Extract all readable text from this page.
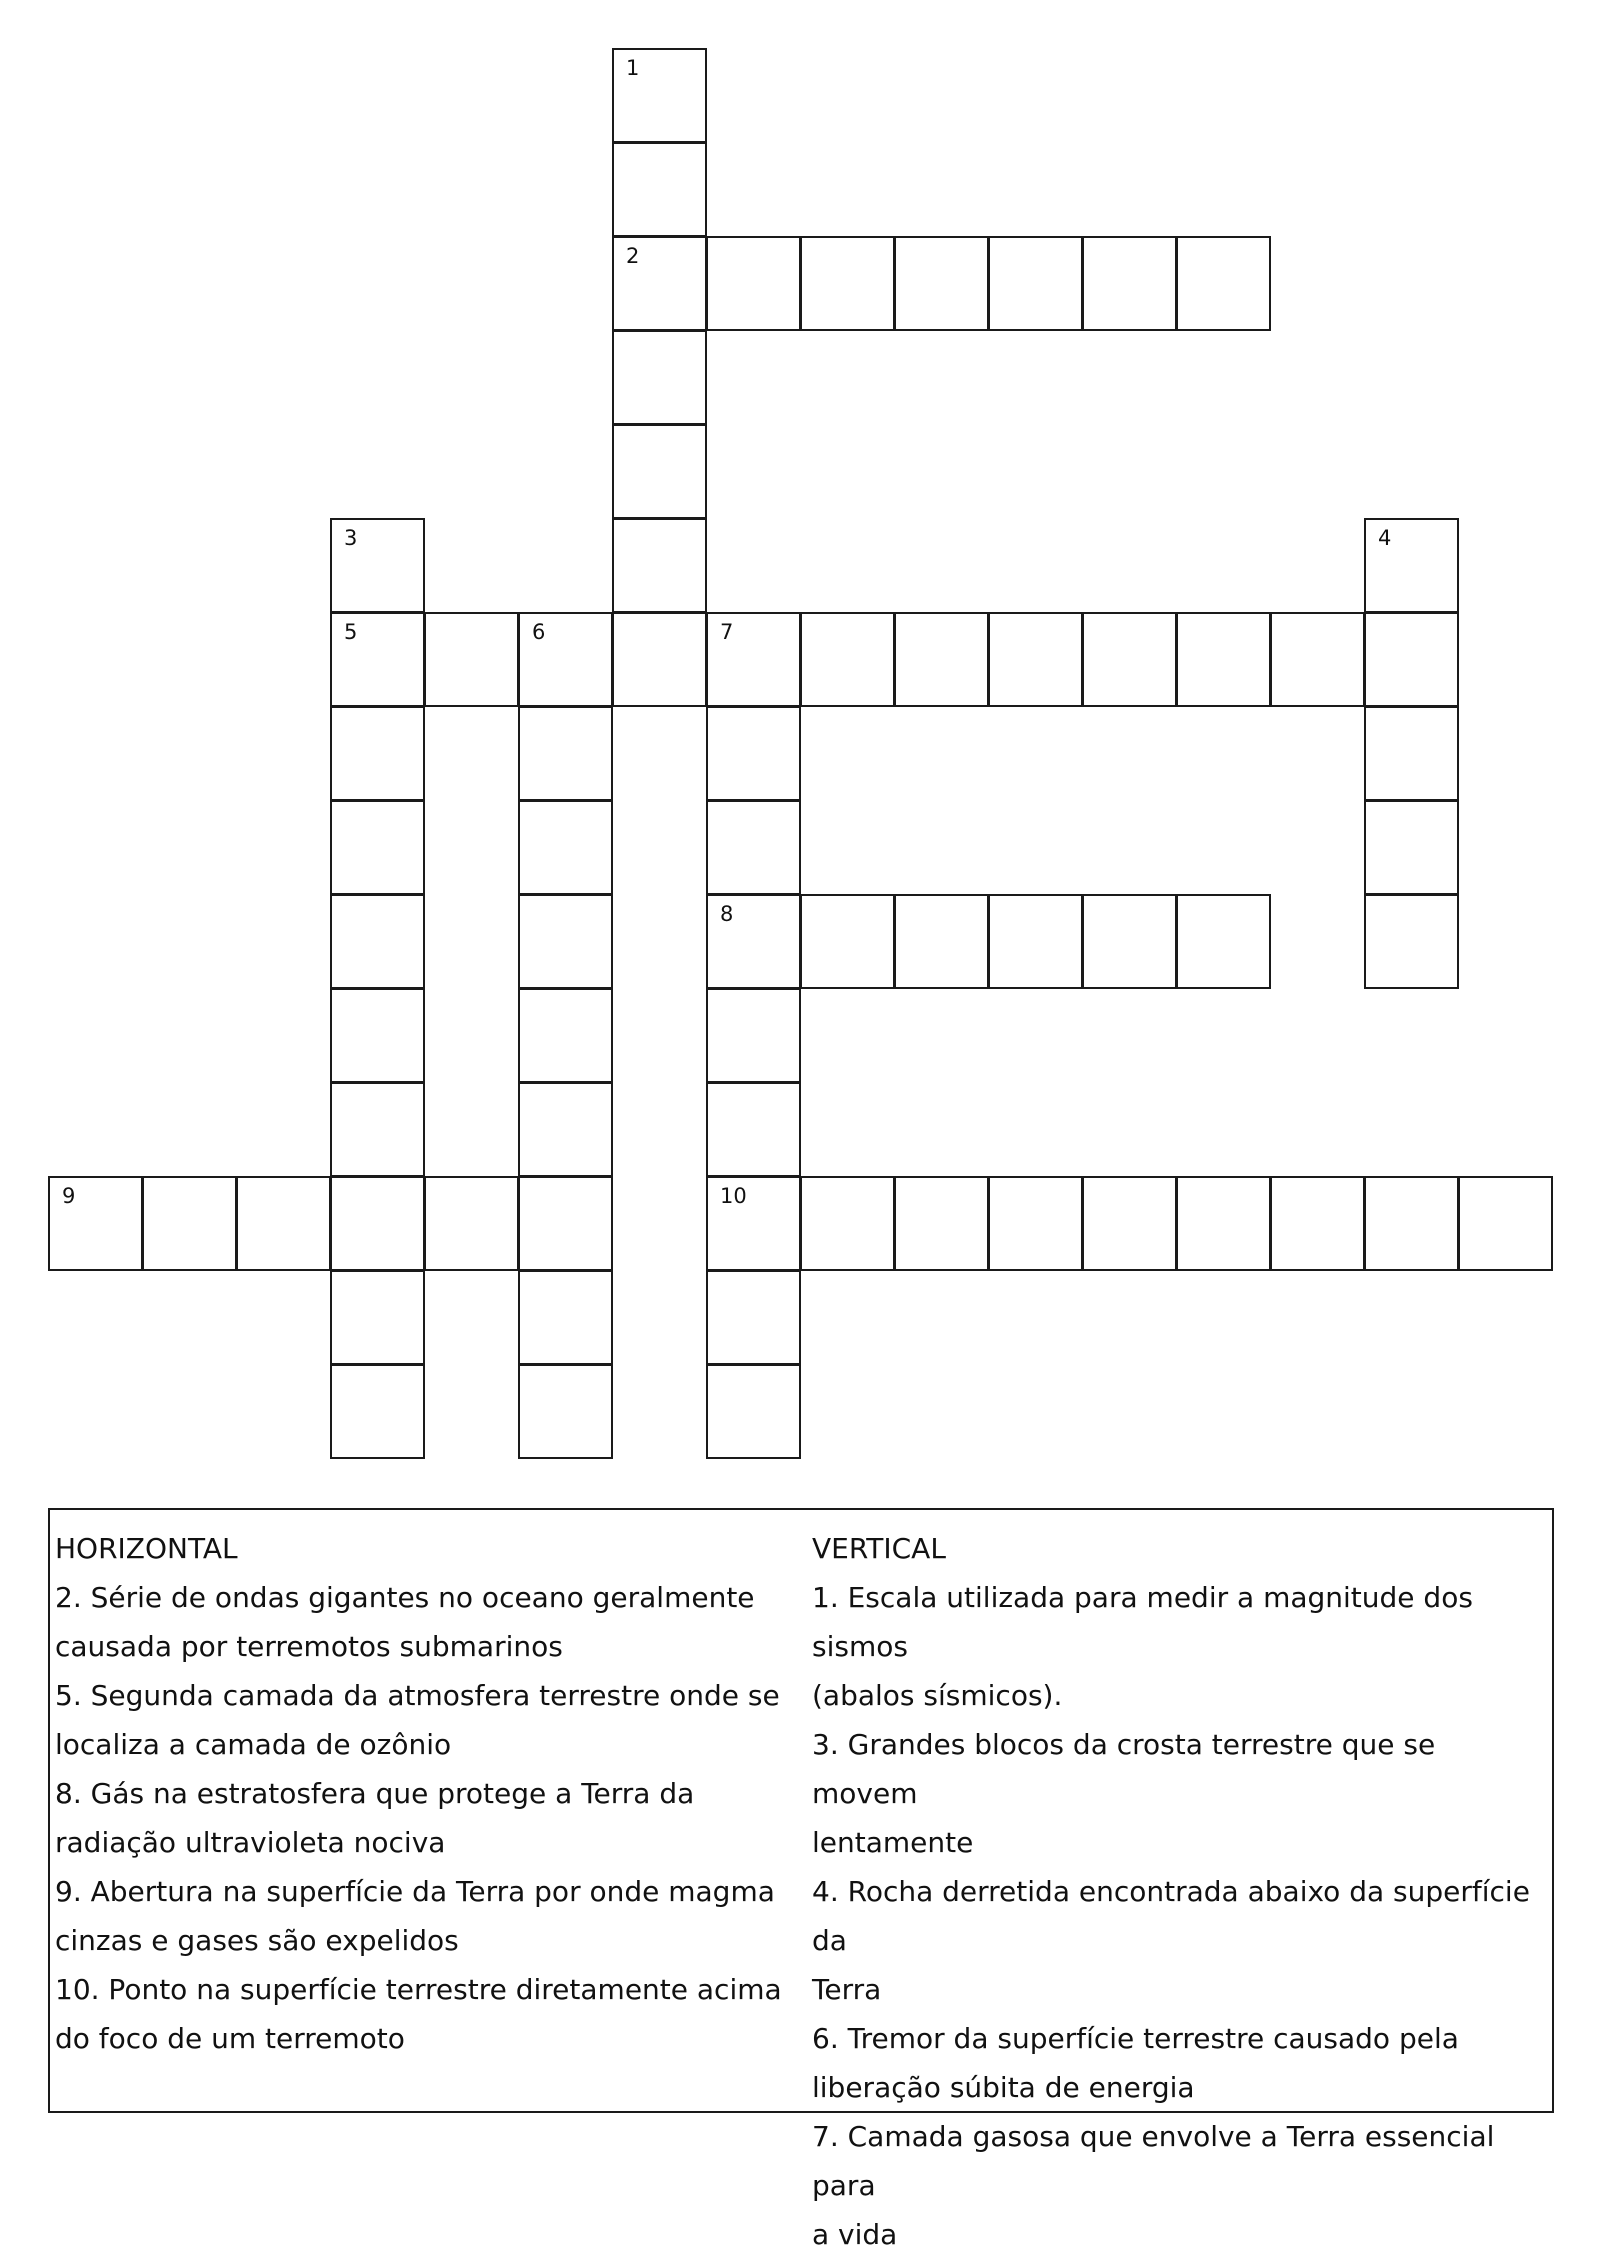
1
2
3	4
5	6	7
8
9	10
HORIZONTAL
2. Série de ondas gigantes no oceano geralmente
causada por terremotos submarinos
5. Segunda camada da atmosfera terrestre onde se
localiza a camada de ozônio
8. Gás na estratosfera que protege a Terra da
radiação ultravioleta nociva
9. Abertura na superfície da Terra por onde magma
cinzas e gases são expelidos
10. Ponto na superfície terrestre diretamente acima
do foco de um terremoto
VERTICAL
1. Escala utilizada para medir a magnitude dos sismos
(abalos sísmicos).
3. Grandes blocos da crosta terrestre que se movem
lentamente
4. Rocha derretida encontrada abaixo da superfície da
Terra
6. Tremor da superfície terrestre causado pela
liberação súbita de energia
7. Camada gasosa que envolve a Terra essencial para
a vida
